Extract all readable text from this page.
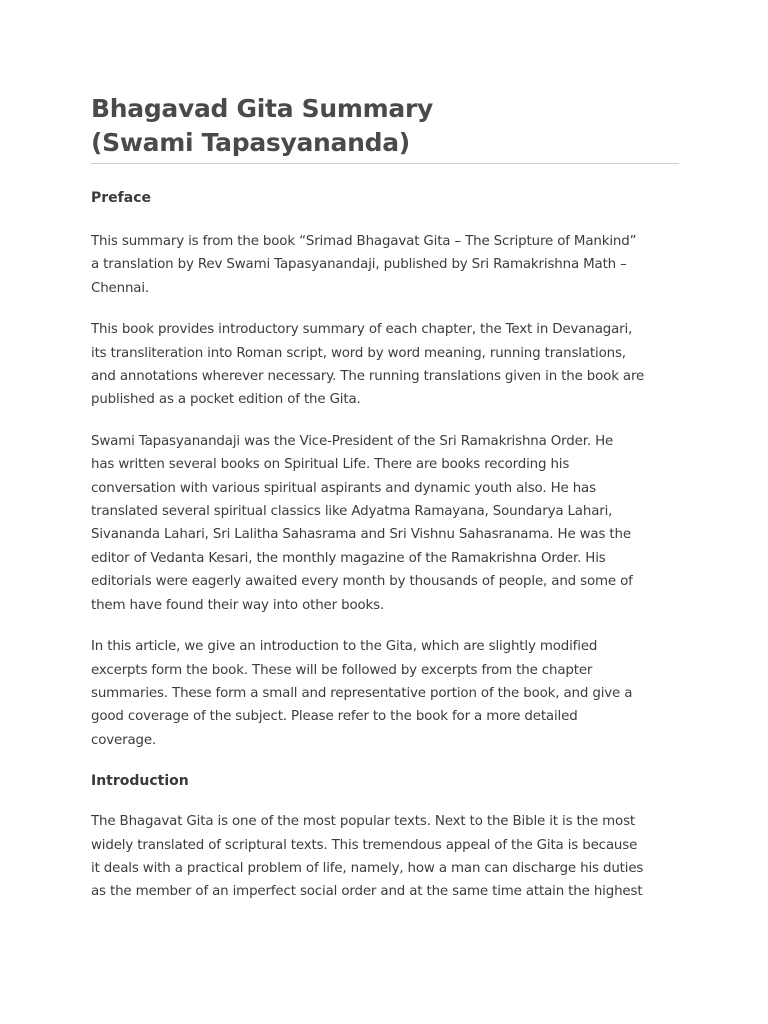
Bhagavad Gita Summary
(Swami Tapasyananda)
Preface

This summary is from the book “Srimad Bhagavat Gita – The Scripture of Mankind”
a translation by Rev Swami Tapasyanandaji, published by Sri Ramakrishna Math –
Chennai.

This book provides introductory summary of each chapter, the Text in Devanagari,
its transliteration into Roman script, word by word meaning, running translations,
and annotations wherever necessary. The running translations given in the book are
published as a pocket edition of the Gita.

Swami Tapasyanandaji was the Vice-President of the Sri Ramakrishna Order. He
has written several books on Spiritual Life. There are books recording his
conversation with various spiritual aspirants and dynamic youth also. He has
translated several spiritual classics like Adyatma Ramayana, Soundarya Lahari,
Sivananda Lahari, Sri Lalitha Sahasrama and Sri Vishnu Sahasranama. He was the
editor of Vedanta Kesari, the monthly magazine of the Ramakrishna Order. His
editorials were eagerly awaited every month by thousands of people, and some of
them have found their way into other books.

In this article, we give an introduction to the Gita, which are slightly modified
excerpts form the book. These will be followed by excerpts from the chapter
summaries. These form a small and representative portion of the book, and give a
good coverage of the subject. Please refer to the book for a more detailed
coverage.

Introduction

The Bhagavat Gita is one of the most popular texts. Next to the Bible it is the most
widely translated of scriptural texts. This tremendous appeal of the Gita is because
it deals with a practical problem of life, namely, how a man can discharge his duties
as the member of an imperfect social order and at the same time attain the highest
